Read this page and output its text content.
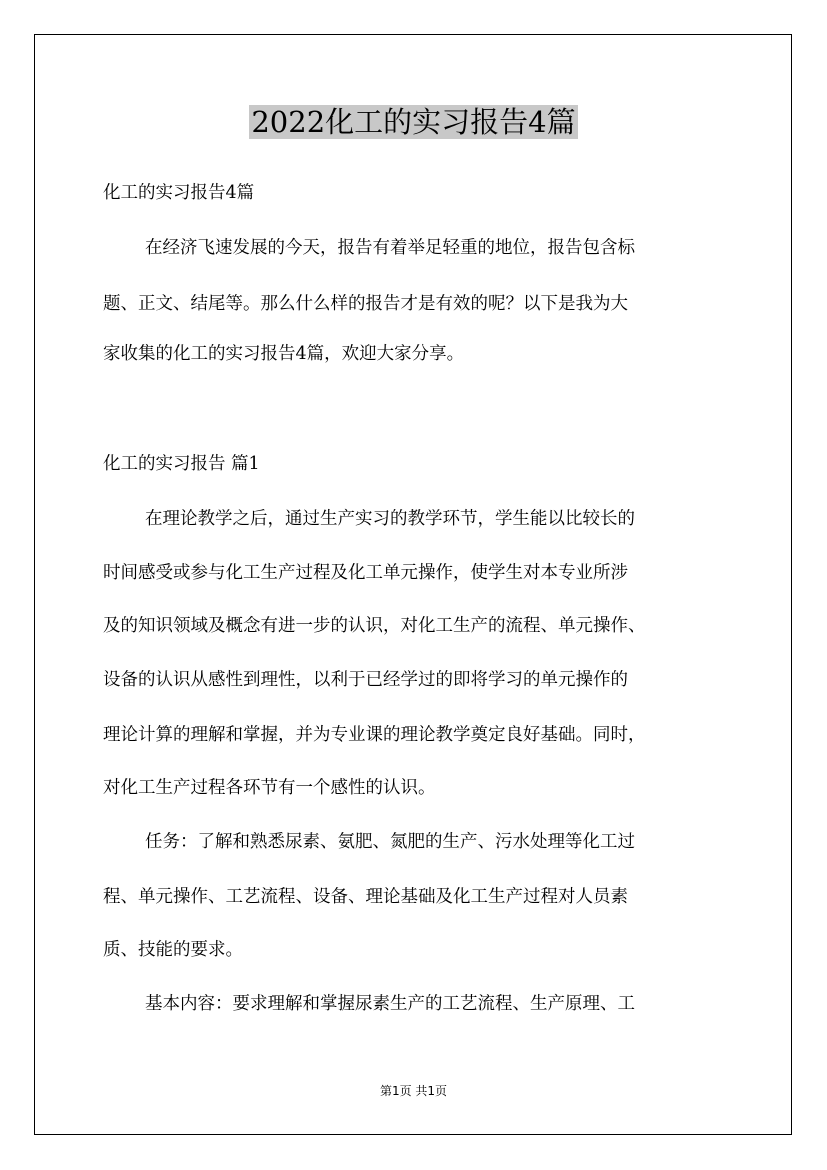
2022化工的实习报告4篇
化工的实习报告4篇
在经济飞速发展的今天，报告有着举足轻重的地位，报告包含标
题、正文、结尾等。那么什么样的报告才是有效的呢？以下是我为大
家收集的化工的实习报告4篇，欢迎大家分享。
化工的实习报告 篇1
在理论教学之后，通过生产实习的教学环节，学生能以比较长的
时间感受或参与化工生产过程及化工单元操作，使学生对本专业所涉
及的知识领域及概念有进一步的认识，对化工生产的流程、单元操作、
设备的认识从感性到理性，以利于已经学过的即将学习的单元操作的
理论计算的理解和掌握，并为专业课的理论教学奠定良好基础。同时，
对化工生产过程各环节有一个感性的认识。
任务：了解和熟悉尿素、氨肥、氮肥的生产、污水处理等化工过
程、单元操作、工艺流程、设备、理论基础及化工生产过程对人员素
质、技能的要求。
基本内容：要求理解和掌握尿素生产的工艺流程、生产原理、工
第1页 共1页
